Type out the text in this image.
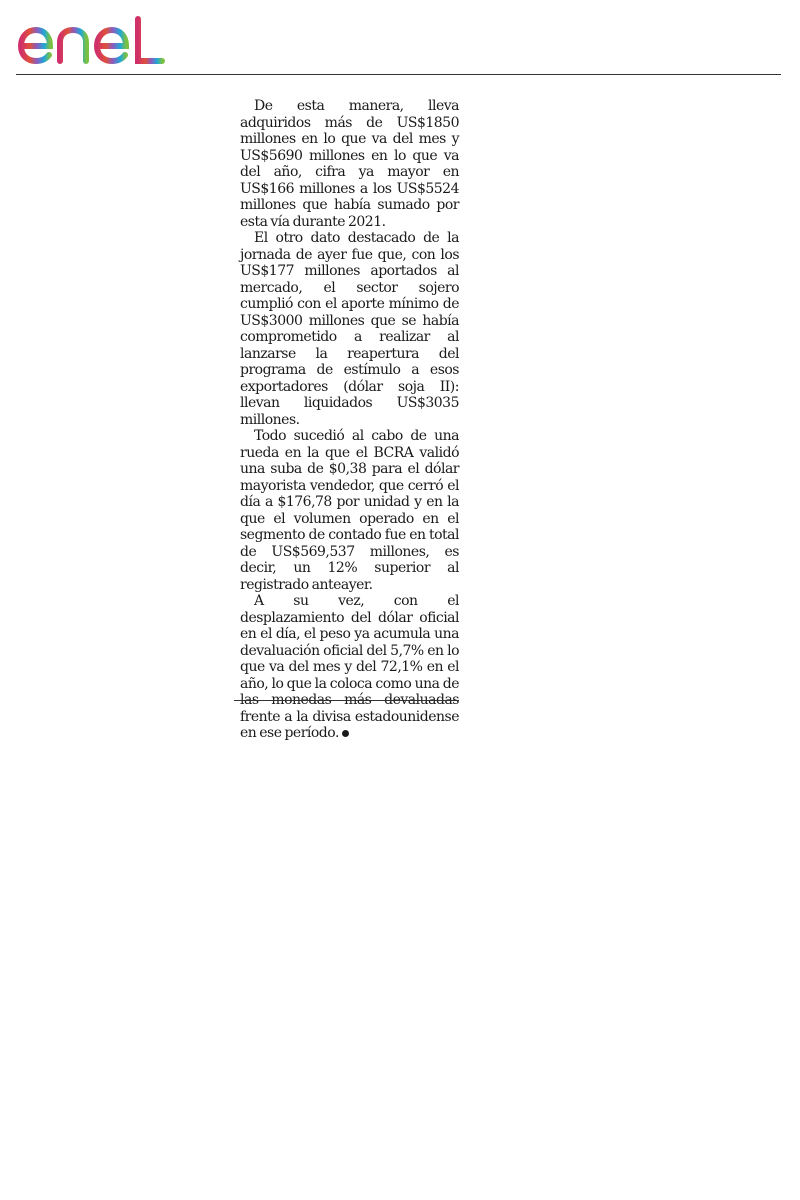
De esta manera, lleva adquiridos más de US$1850 millones en lo que va del mes y US$5690 millones en lo que va del año, cifra ya mayor en US$166 millones a los US$5524 millones que había sumado por esta vía durante 2021.

El otro dato destacado de la jornada de ayer fue que, con los US$177 millones aportados al mercado, el sector sojero cumplió con el aporte mínimo de US$3000 millones que se había comprometido a realizar al lanzarse la reapertura del programa de estímulo a esos exportadores (dólar soja II): llevan liquidados US$3035 millones.

Todo sucedió al cabo de una rueda en la que el BCRA validó una suba de $0,38 para el dólar mayorista vendedor, que cerró el día a $176,78 por unidad y en la que el volumen operado en el segmento de contado fue en total de US$569,537 millones, es decir, un 12% superior al registrado anteayer.

A su vez, con el desplazamiento del dólar oficial en el día, el peso ya acumula una devaluación oficial del 5,7% en lo que va del mes y del 72,1% en el año, lo que la coloca como una de las monedas más devaluadas frente a la divisa estadounidense en ese período.
